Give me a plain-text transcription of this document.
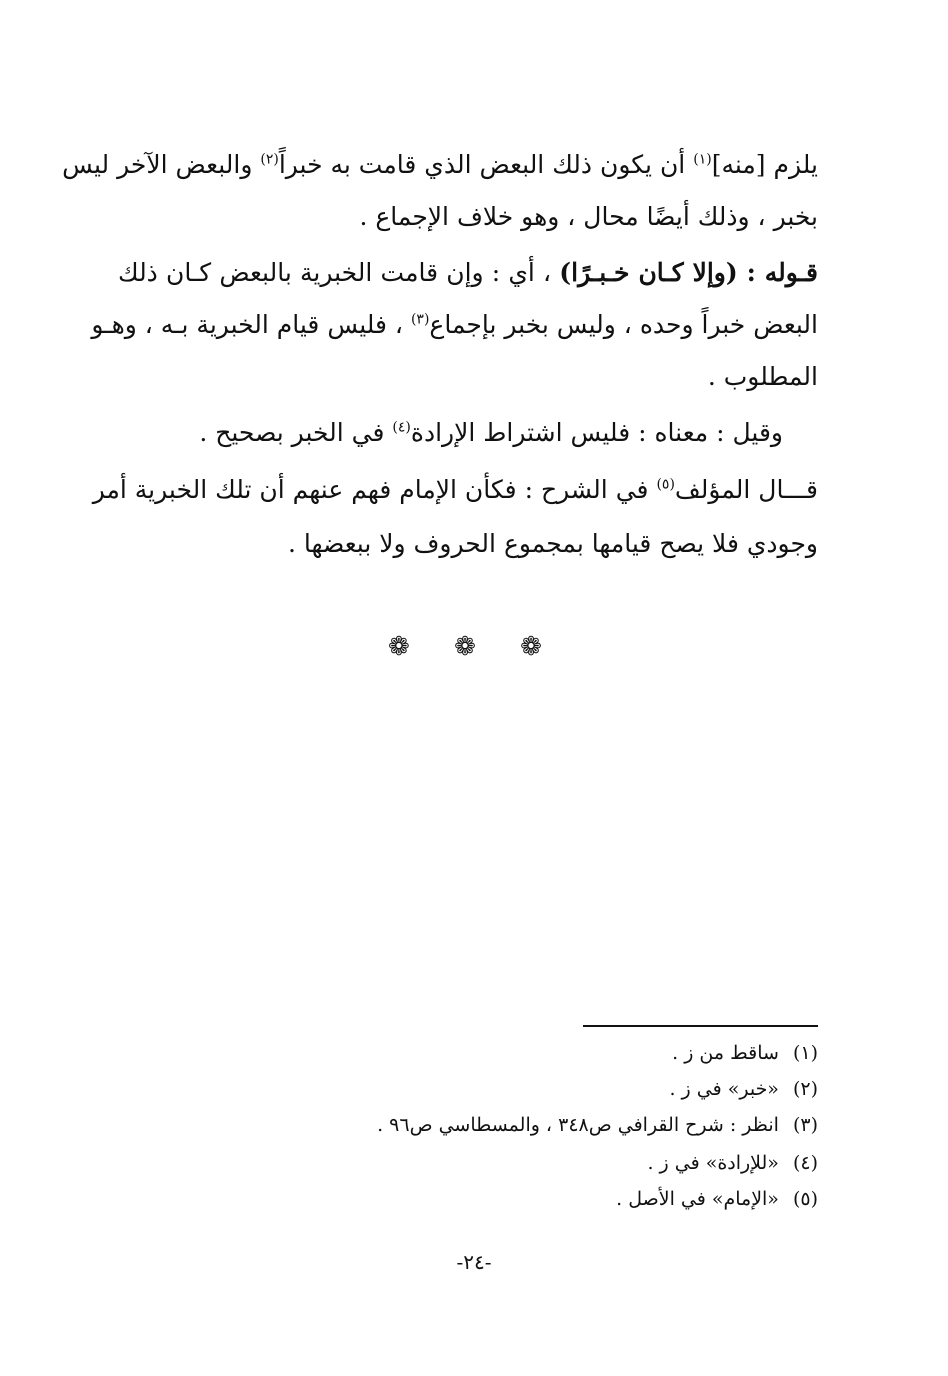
يلزم [منه]$^{(١)}$ أن يكون ذلك البعض الذي قامت به خبراً$^{(٢)}$ والبعض الآخر ليس
بخبر ، وذلك أيضًا محال ، وهو خلاف الإجماع .
قـوله : (وإلا كـان خـبـرًا) ، أي : وإن قامت الخبرية بالبعض كـان ذلك
البعض خبراً وحده ، وليس بخبر بإجماع$^{(٣)}$ ، فليس قيام الخبرية بـه ، وهـو
المطلوب .
وقيل : معناه : فليس اشتراط الإرادة$^{(٤)}$ في الخبر بصحيح .
قـــال المؤلف$^{(٥)}$ في الشرح : فكأن الإمام فهم عنهم أن تلك الخبرية أمر
وجودي فلا يصح قيامها بمجموع الحروف ولا ببعضها .
❁ ❁ ❁
(١)ساقط من ز .
(٢)«خبر» في ز .
(٣)انظر : شرح القرافي ص٣٤٨ ، والمسطاسي ص٩٦ .
(٤)«للإرادة» في ز .
(٥)«الإمام» في الأصل .
-٢٤-
